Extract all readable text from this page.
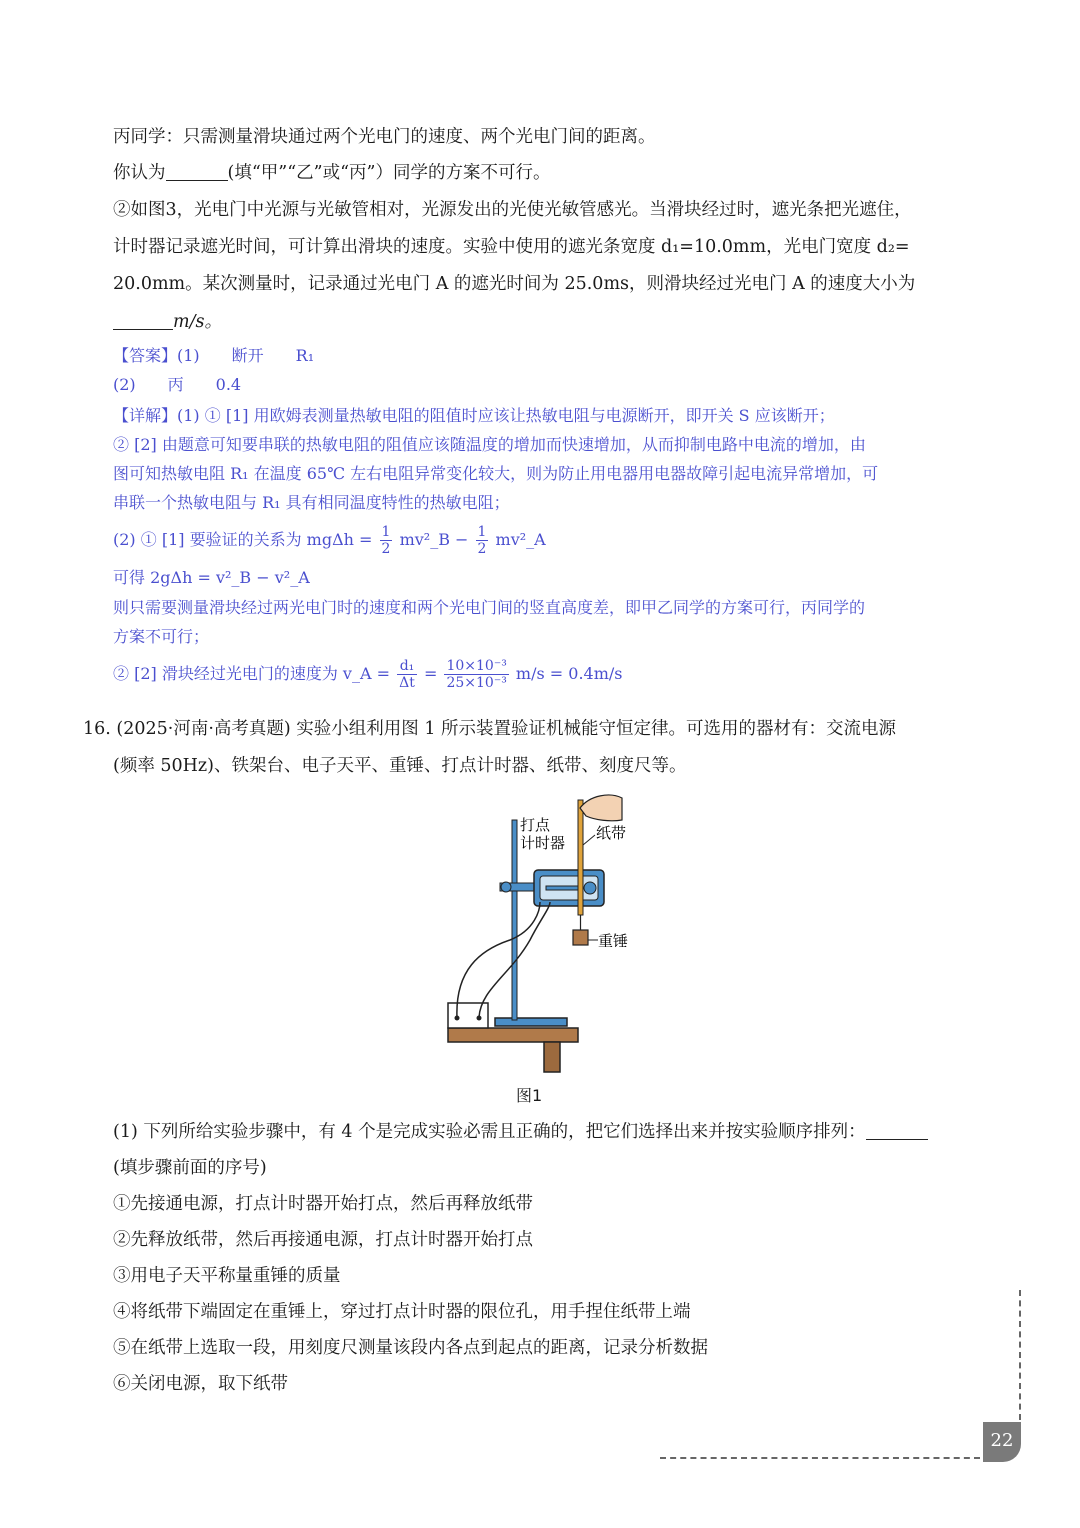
丙同学：只需测量滑块通过两个光电门的速度、两个光电门间的距离。
你认为	(填“甲”“乙”或“丙”）同学的方案不可行。
②如图3，光电门中光源与光敏管相对，光源发出的光使光敏管感光。当滑块经过时，遮光条把光遮住，
计时器记录遮光时间，可计算出滑块的速度。实验中使用的遮光条宽度 d₁=10.0mm，光电门宽度 d₂=
20.0mm。某次测量时，记录通过光电门 A 的遮光时间为 25.0ms，则滑块经过光电门 A 的速度大小为
m/s。
【答案】(1)　　断开　　R₁
(2)　　丙　　0.4
【详解】(1) ① [1] 用欧姆表测量热敏电阻的阻值时应该让热敏电阻与电源断开，即开关 S 应该断开；
② [2] 由题意可知要串联的热敏电阻的阻值应该随温度的增加而快速增加，从而抑制电路中电流的增加，由
图可知热敏电阻 R₁ 在温度 65℃ 左右电阻异常变化较大，则为防止用电器用电器故障引起电流异常增加，可
串联一个热敏电阻与 R₁ 具有相同温度特性的热敏电阻；
(2) ① [1] 要验证的关系为 $mg\Delta h = \frac{1}{2}$ mv²_B − $\frac{1}{2}$ mv²_A
可得 2gΔh = v²_B − v²_A
则只需要测量滑块经过两光电门时的速度和两个光电门间的竖直高度差，即甲乙同学的方案可行，丙同学的
方案不可行；
② [2] 滑块经过光电门的速度为 v_A = $\frac{\text{d₁}}{\Delta t} = \frac{\text{10×10⁻³}}{\text{25×10⁻³}} m/s = 0.4m/s$
16. (2025·河南·高考真题) 实验小组利用图 1 所示装置验证机械能守恒定律。可选用的器材有：交流电源
(频率 50Hz)、铁架台、电子天平、重锤、打点计时器、纸带、刻度尺等。
打点
计时器
纸带
重锤
图1
(1) 下列所给实验步骤中，有 4 个是完成实验必需且正确的，把它们选择出来并按实验顺序排列：
(填步骤前面的序号)
①先接通电源，打点计时器开始打点，然后再释放纸带
②先释放纸带，然后再接通电源，打点计时器开始打点
③用电子天平称量重锤的质量
④将纸带下端固定在重锤上，穿过打点计时器的限位孔，用手捏住纸带上端
⑤在纸带上选取一段，用刻度尺测量该段内各点到起点的距离，记录分析数据
⑥关闭电源，取下纸带
22
